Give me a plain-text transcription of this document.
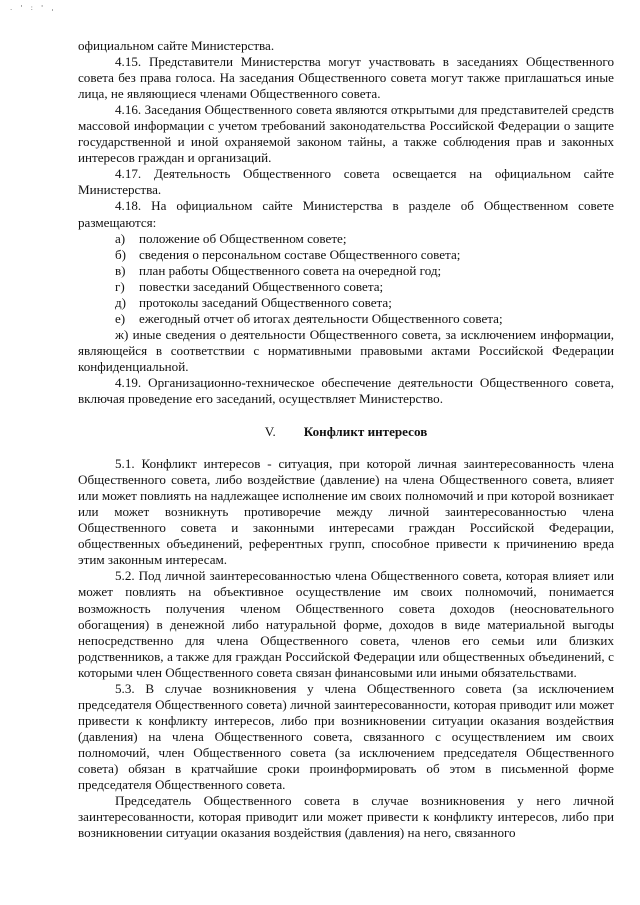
. ' : ' ,

официальном сайте Министерства.

4.15. Представители Министерства могут участвовать в заседаниях Общественного совета без права голоса. На заседания Общественного совета могут также приглашаться иные лица, не являющиеся членами Общественного совета.

4.16. Заседания Общественного совета являются открытыми для представителей средств массовой информации с учетом требований законодательства Российской Федерации о защите государственной и иной охраняемой законом тайны, а также соблюдения прав и законных интересов граждан и организаций.

4.17. Деятельность Общественного совета освещается на официальном сайте Министерства.

4.18. На официальном сайте Министерства в разделе об Общественном совете размещаются:

а)	положение об Общественном совете;

б) сведения о персональном составе Общественного совета;

в)	план работы Общественного совета на очередной год;

г)	повестки заседаний Общественного совета;

д) протоколы заседаний Общественного совета;

е)	ежегодный отчет об итогах деятельности Общественного совета;

ж) иные сведения о деятельности Общественного совета, за исключением информации, являющейся в соответствии с нормативными правовыми актами Российской Федерации конфиденциальной.

4.19. Организационно-техническое обеспечение деятельности Общественного совета, включая проведение его заседаний, осуществляет Министерство.

V. Конфликт интересов

5.1. Конфликт интересов - ситуация, при которой личная заинтересованность члена Общественного совета, либо воздействие (давление) на члена Общественного совета, влияет или может повлиять на надлежащее исполнение им своих полномочий и при которой возникает или может возникнуть противоречие между личной заинтересованностью члена Общественного совета и законными интересами граждан Российской Федерации, общественных объединений, референтных групп, способное привести к причинению вреда этим законным интересам.

5.2. Под личной заинтересованностью члена Общественного совета, которая влияет или может повлиять на объективное осуществление им своих полномочий, понимается возможность получения членом Общественного совета доходов (неосновательного обогащения) в денежной либо натуральной форме, доходов в виде материальной выгоды непосредственно для члена Общественного совета, членов его семьи или близких родственников, а также для граждан Российской Федерации или общественных объединений, с которыми член Общественного совета связан финансовыми или иными обязательствами.

5.3. В случае возникновения у члена Общественного совета (за исключением председателя Общественного совета) личной заинтересованности, которая приводит или может привести к конфликту интересов, либо при возникновении ситуации оказания воздействия (давления) на члена Общественного совета, связанного с осуществлением им своих полномочий, член Общественного совета (за исключением председателя Общественного совета) обязан в кратчайшие сроки проинформировать об этом в письменной форме председателя Общественного совета.

Председатель Общественного совета в случае возникновения у него личной заинтересованности, которая приводит или может привести к конфликту интересов, либо при возникновении ситуации оказания воздействия (давления) на него, связанного
